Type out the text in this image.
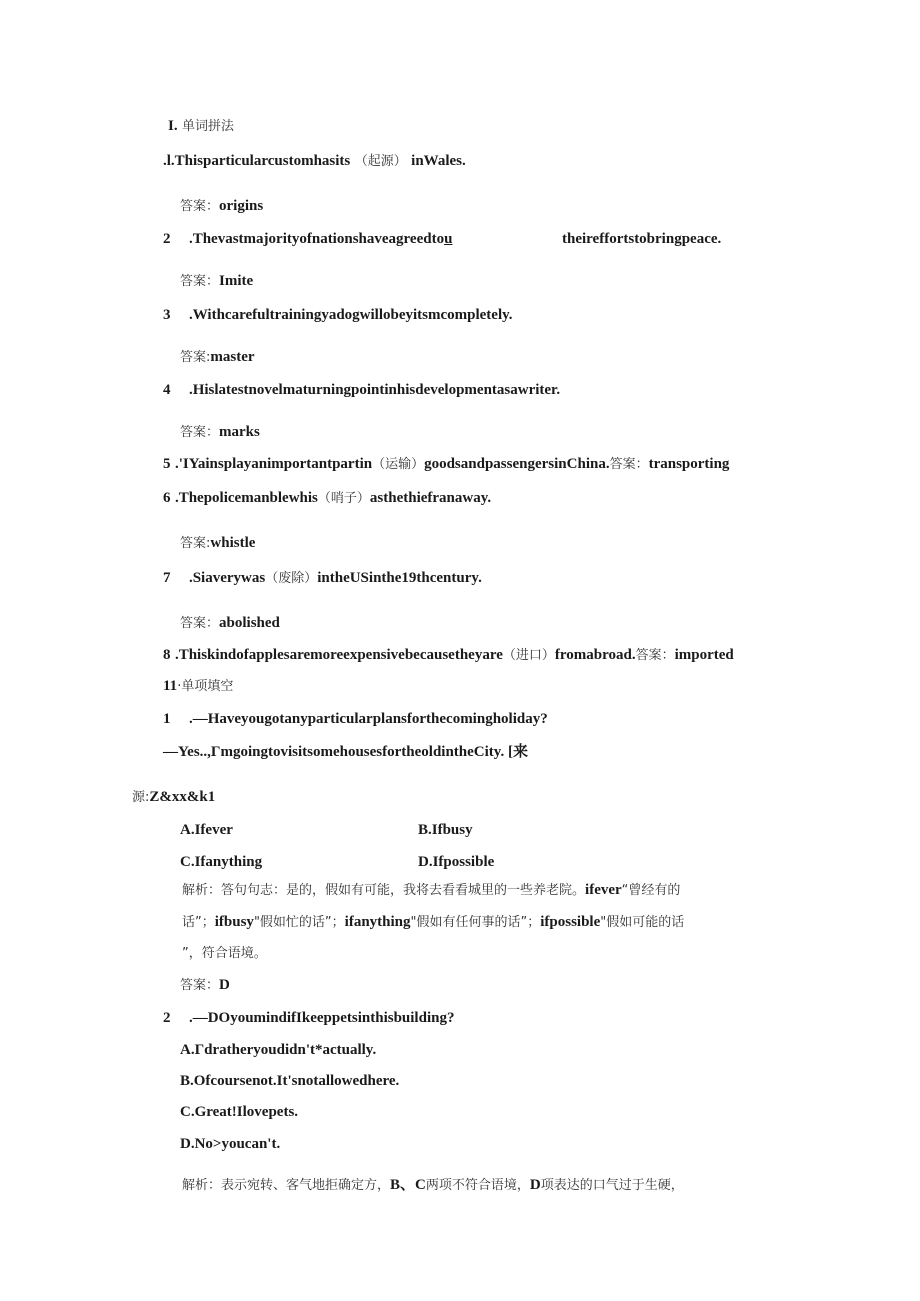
I. 单词拼法
.l.Thisparticularcustomhasits （起源） inWales.
答案：origins
2 .Thevastmajorityofnationshaveagreedtou	theireffortstobringpeace.
答案：Imite
3 .Withcarefultrainingyadogwillobeyitsmcompletely.
答案:master
4 .Hislatestnovelmaturningpointinhisdevelopmentasawriter.
答案：marks
5 .'IYainsplayanimportantpartin（运输）goodsandpassengersinChina.答案：transporting
6 .Thepolicemanblewhis（哨子）asthethiefranaway.
答案:whistle
7 .Siaverywas（废除）intheUSinthe19thcentury.
答案：abolished
8 .Thiskindofapplesaremoreexpensivebecausetheyare（进口）fromabroad.答案：imported
11·单项填空
1 .—Haveyougotanyparticularplansforthecomingholiday?
—Yes..,ΓmgoingtovisitsomehousesfortheoldintheCity. [来
源:Z&xx&k1
A.Ifever	B.Ifbusy
C.Ifanything	D.Ifpossible
解析：答句句志：是的，假如有可能，我将去看看城里的一些养老院。ifever“曾经有的
话”；ifbusy"假如忙的话”；ifanything"假如有任何事的话”；ifpossible"假如可能的话
”，符合语境。
答案：D
2 .—DOyoumindifIkeeppetsinthisbuilding?
A.Γdratheryoudidn't*actually.
B.Ofcoursenot.It'snotallowedhere.
C.Great!Ilovepets.
D.No>youcan't.
解析：表示宛转、客气地拒确定方，B、C两项不符合语境，D项表达的口气过于生硬，
